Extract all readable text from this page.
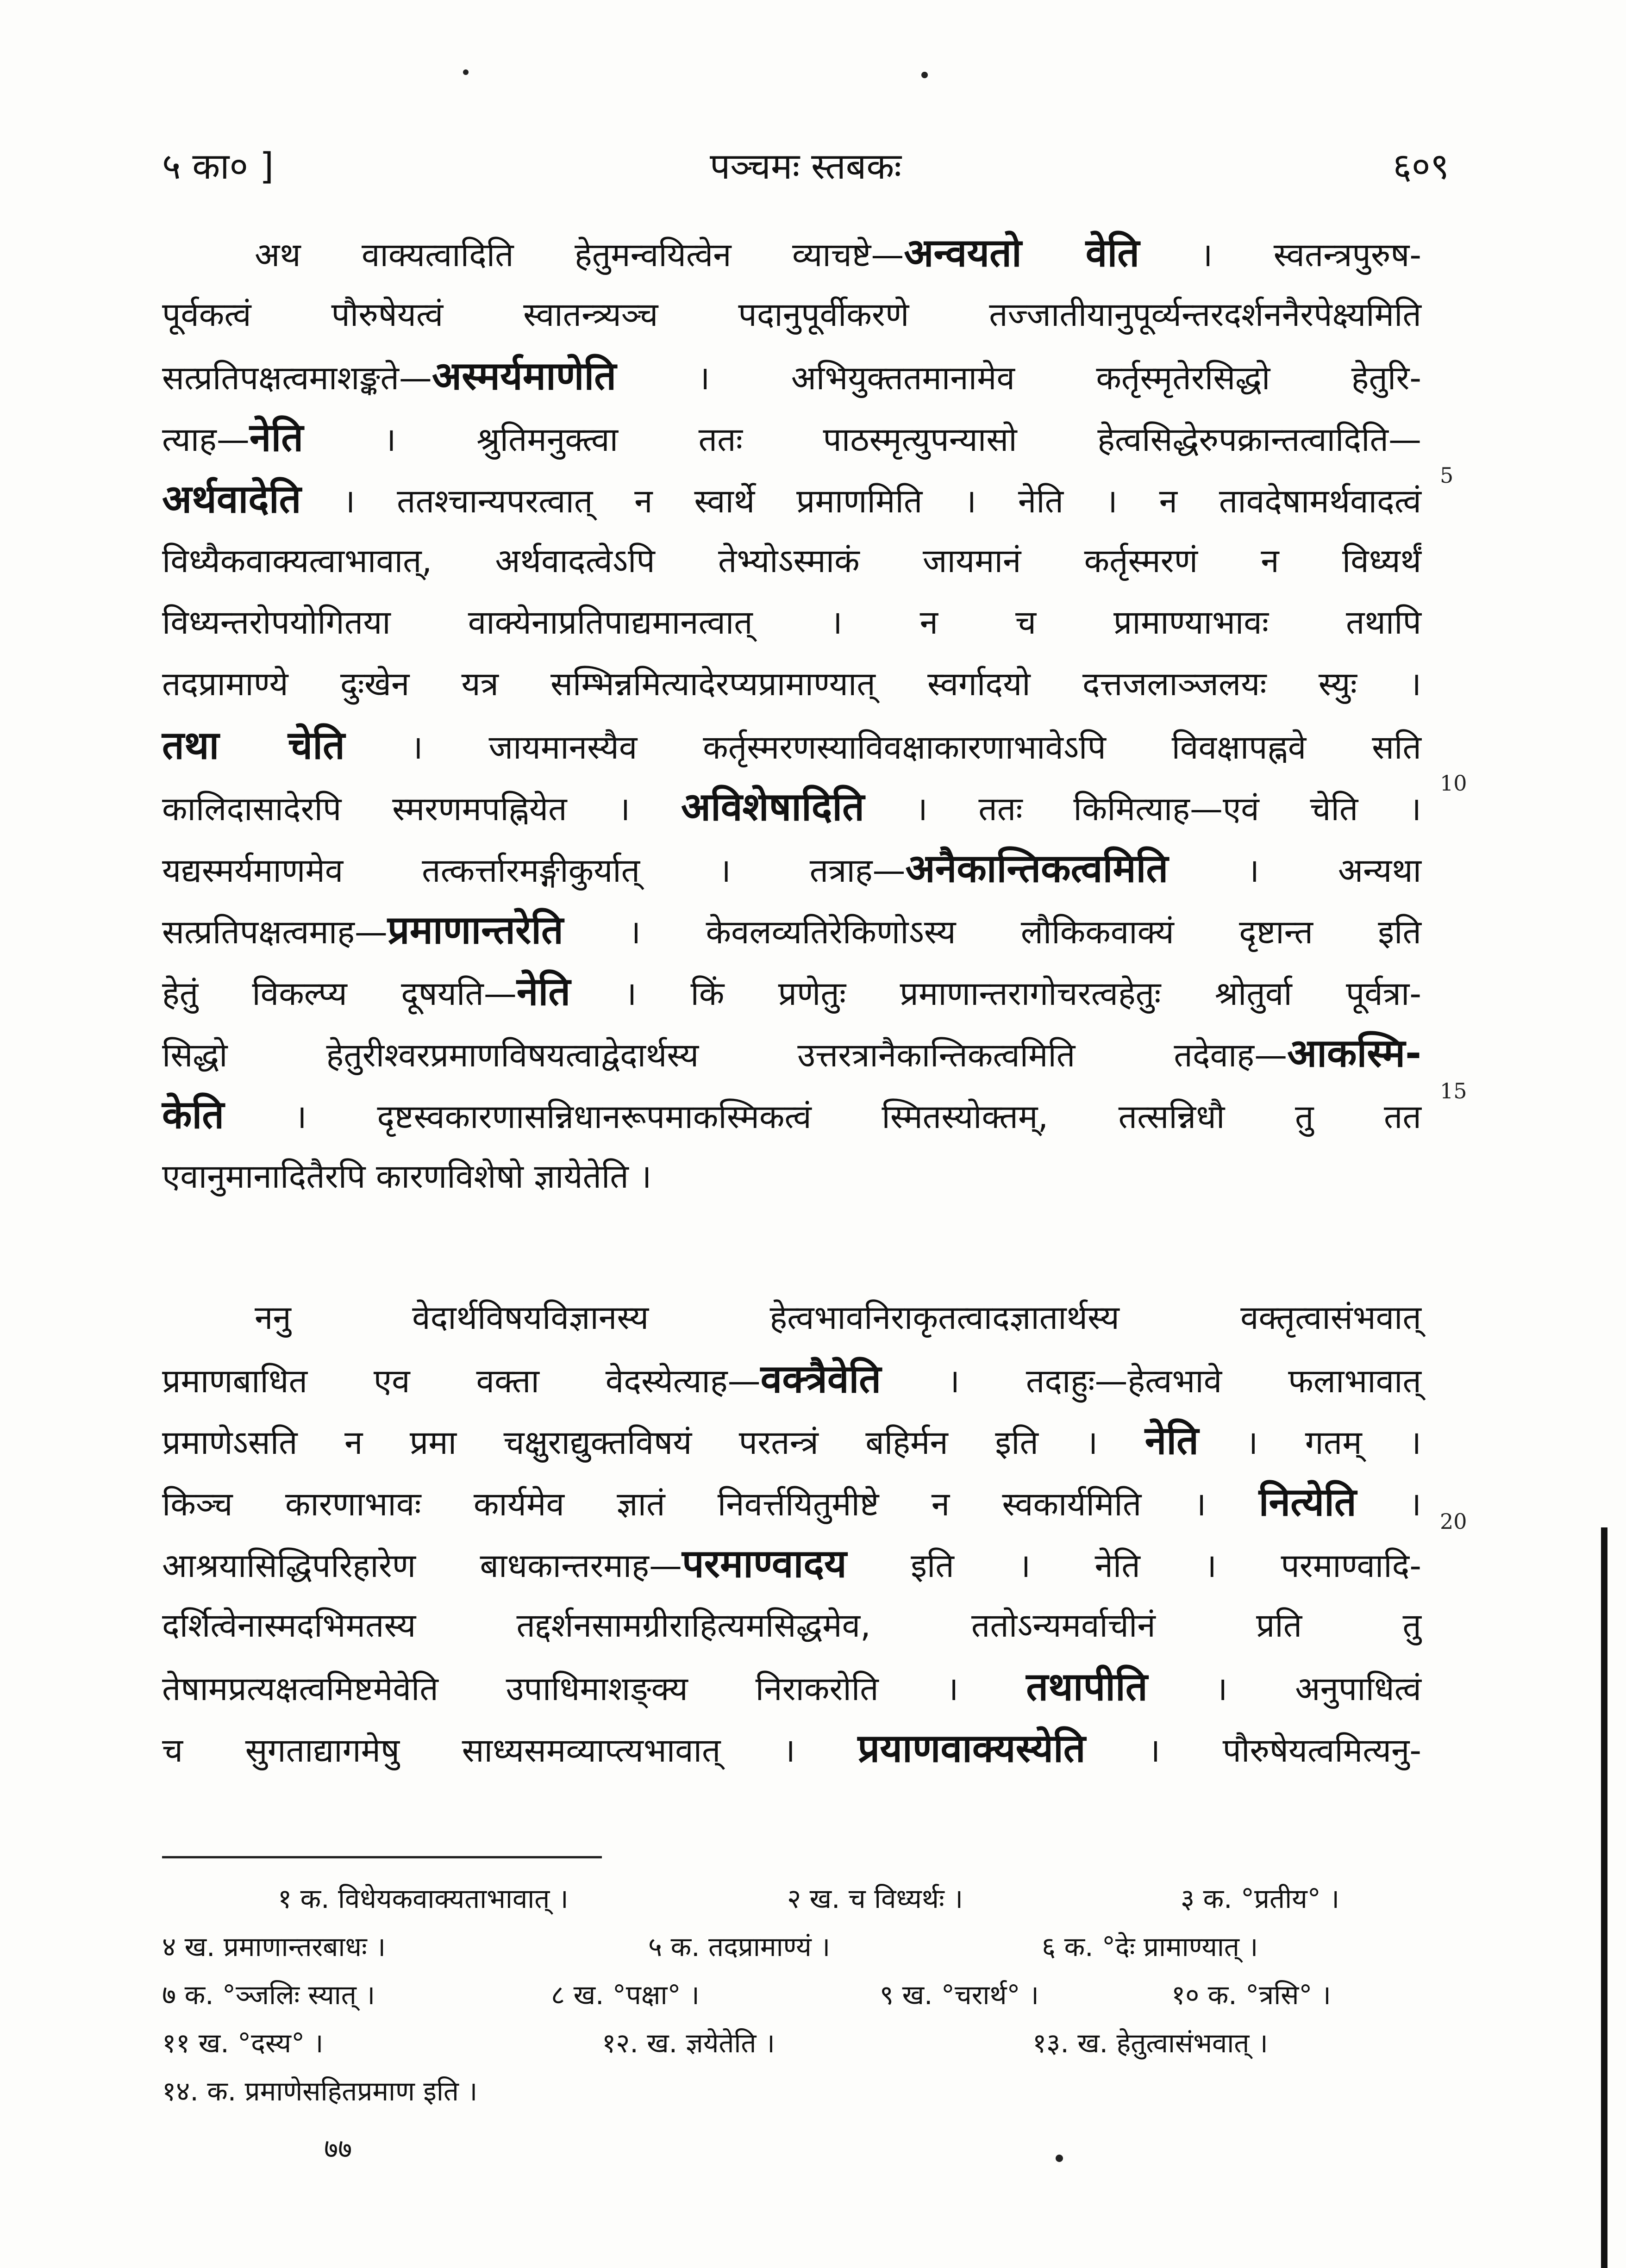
५ का० ]	पञ्चमः स्तबकः	६०९
अथ वाक्यत्वादिति हेतुमन्वयित्वेन व्याचष्टे—अन्वयतो वेति । स्वतन्त्रपुरुष-
पूर्वकत्वं पौरुषेयत्वं स्वातन्त्र्यञ्च पदानुपूर्वीकरणे तज्जातीयानुपूर्व्यन्तरदर्शननैरपेक्ष्यमिति
सत्प्रतिपक्षत्वमाशङ्कते—अस्मर्यमाणेति । अभियुक्ततमानामेव कर्तृस्मृतेरसिद्धो हेतुरि-
त्याह—नेति । श्रुतिमनुक्त्वा ततः पाठस्मृत्युपन्यासो हेत्वसिद्धेरुपक्रान्तत्वादिति—
अर्थवादेति । ततश्चान्यपरत्वात् न स्वार्थे प्रमाणमिति । नेति । न तावदेषामर्थवादत्वं
विध्यैकवाक्यत्वाभावात्, अर्थवादत्वेऽपि तेभ्योऽस्माकं जायमानं कर्तृस्मरणं न विध्यर्थं
विध्यन्तरोपयोगितया वाक्येनाप्रतिपाद्यमानत्वात् । न च प्रामाण्याभावः तथापि
तदप्रामाण्ये दुःखेन यत्र सम्भिन्नमित्यादेरप्यप्रामाण्यात् स्वर्गादयो दत्तजलाञ्जलयः स्युः ।
तथा चेति । जायमानस्यैव कर्तृस्मरणस्याविवक्षाकारणाभावेऽपि विवक्षापह्नवे सति
कालिदासादेरपि स्मरणमपह्नियेत । अविशेषादिति । ततः किमित्याह—एवं चेति ।
यद्यस्मर्यमाणमेव तत्कर्त्तारमङ्गीकुर्यात् । तत्राह—अनैकान्तिकत्वमिति । अन्यथा
सत्प्रतिपक्षत्वमाह—प्रमाणान्तरेति । केवलव्यतिरेकिणोऽस्य लौकिकवाक्यं दृष्टान्त इति
हेतुं विकल्प्य दूषयति—नेति । किं प्रणेतुः प्रमाणान्तरागोचरत्वहेतुः श्रोतुर्वा पूर्वत्रा-
सिद्धो हेतुरीश्वरप्रमाणविषयत्वाद्वेदार्थस्य उत्तरत्रानैकान्तिकत्वमिति तदेवाह—आकस्मि-
केति । दृष्टस्वकारणासन्निधानरूपमाकस्मिकत्वं स्मितस्योक्तम्, तत्सन्निधौ तु तत
एवानुमानादितैरपि कारणविशेषो ज्ञायेतेति ।
5
10
15
20
ननु वेदार्थविषयविज्ञानस्य हेत्वभावनिराकृतत्वादज्ञातार्थस्य वक्तृत्वासंभवात्
प्रमाणबाधित एव वक्ता वेदस्येत्याह—वक्त्रैवेति । तदाहुः—हेत्वभावे फलाभावात्
प्रमाणेऽसति न प्रमा चक्षुराद्युक्तविषयं परतन्त्रं बहिर्मन इति । नेति । गतम् ।
किञ्च कारणाभावः कार्यमेव ज्ञातं निवर्त्तयितुमीष्टे न स्वकार्यमिति । नित्येति ।
आश्रयासिद्धिपरिहारेण बाधकान्तरमाह—परमाण्वादय इति । नेति । परमाण्वादि-
दर्शित्वेनास्मदभिमतस्य तद्दर्शनसामग्रीराहित्यमसिद्धमेव, ततोऽन्यमर्वाचीनं प्रति तु
तेषामप्रत्यक्षत्वमिष्टमेवेति उपाधिमाशङ्क्य निराकरोति । तथापीति । अनुपाधित्वं
च सुगताद्यागमेषु साध्यसमव्याप्त्यभावात् । प्रयाणवाक्यस्येति । पौरुषेयत्वमित्यनु-
१ क. विधेयकवाक्यताभावात् ।	२ ख. च विध्यर्थः ।	३ क. °प्रतीय° ।
४ ख. प्रमाणान्तरबाधः ।	५ क. तदप्रामाण्यं ।	६ क. °देः प्रामाण्यात् ।
७ क. °ञ्जलिः स्यात् ।	८ ख. °पक्षा° ।	९ ख. °चरार्थ° ।	१० क. °त्रसि° ।
११ ख. °दस्य° ।	१२. ख. ज्ञयेतेति ।	१३. ख. हेतुत्वासंभवात् ।
१४. क. प्रमाणेसहितप्रमाण इति ।
७७
